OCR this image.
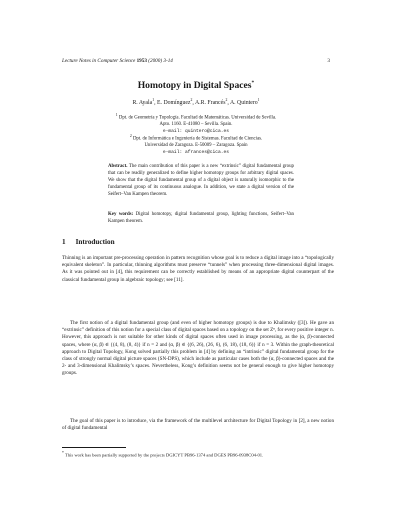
Lecture Notes in Computer Science 1953 (2000) 3-14	3
Homotopy in Digital Spaces*
R. Ayala$^1$, E. Domínguez$^2$, A.R. Francés$^2$, A. Quintero$^1$
$^1$ Dpt. de Geometría y Topología. Facultad de Matemáticas. Universidad de Sevilla.
Apto. 1160. E-41080 – Sevilla. Spain.
e-mail: quintero@cica.es
$^2$ Dpt. de Informática e Ingeniería de Sistemas. Facultad de Ciencias.
Universidad de Zaragoza. E-50009 – Zaragoza. Spain
e-mail: afrances@cica.es
Abstract. The main contribution of this paper is a new “extrinsic” digital fundamental group that can be readily generalized to define higher homotopy groups for arbitrary digital spaces. We show that the digital fundamental group of a digital object is naturally isomorphic to the fundamental group of its continuous analogue. In addition, we state a digital version of the Seifert–Van Kampen theorem.
Key words: Digital homotopy, digital fundamental group, lighting functions, Seifert–Van Kampen theorem.
1 Introduction
Thinning is an important pre-processing operation in pattern recognition whose goal is to reduce a digital image into a “topologically equivalent skeleton”. In particular, thinning algorithms must preserve “tunnels” when processing three-dimensional digital images. As it was pointed out in [4], this requirement can be correctly established by means of an appropriate digital counterpart of the classical fundamental group in algebraic topology; see [11].
The first notion of a digital fundamental group (and even of higher homotopy groups) is due to Khalimsky ([3]). He gave an “extrinsic” definition of this notion for a special class of digital spaces based on a topology on the set Zⁿ, for every positive integer n. However, this approach is not suitable for other kinds of digital spaces often used in image processing, as the (α, β)-connected spaces, where (α, β) ∈ {(4, 8), (8, 4)} if n = 2 and (α, β) ∈ {(6, 26), (26, 6), (6, 18), (18, 6)} if n = 3. Within the graph-theoretical approach to Digital Topology, Kong solved partially this problem in [4] by defining an “intrinsic” digital fundamental group for the class of strongly normal digital picture spaces (SN-DPS), which include as particular cases both the (α, β)-connected spaces and the 2- and 3-dimensional Khalimsky’s spaces. Nevertheless, Kong’s definition seems not be general enough to give higher homotopy groups.
The goal of this paper is to introduce, via the framework of the multilevel architecture for Digital Topology in [2], a new notion of digital fundamental
* This work has been partially supported by the projects DGICYT PB96-1374 and DGES PB96-0938C04-01.
